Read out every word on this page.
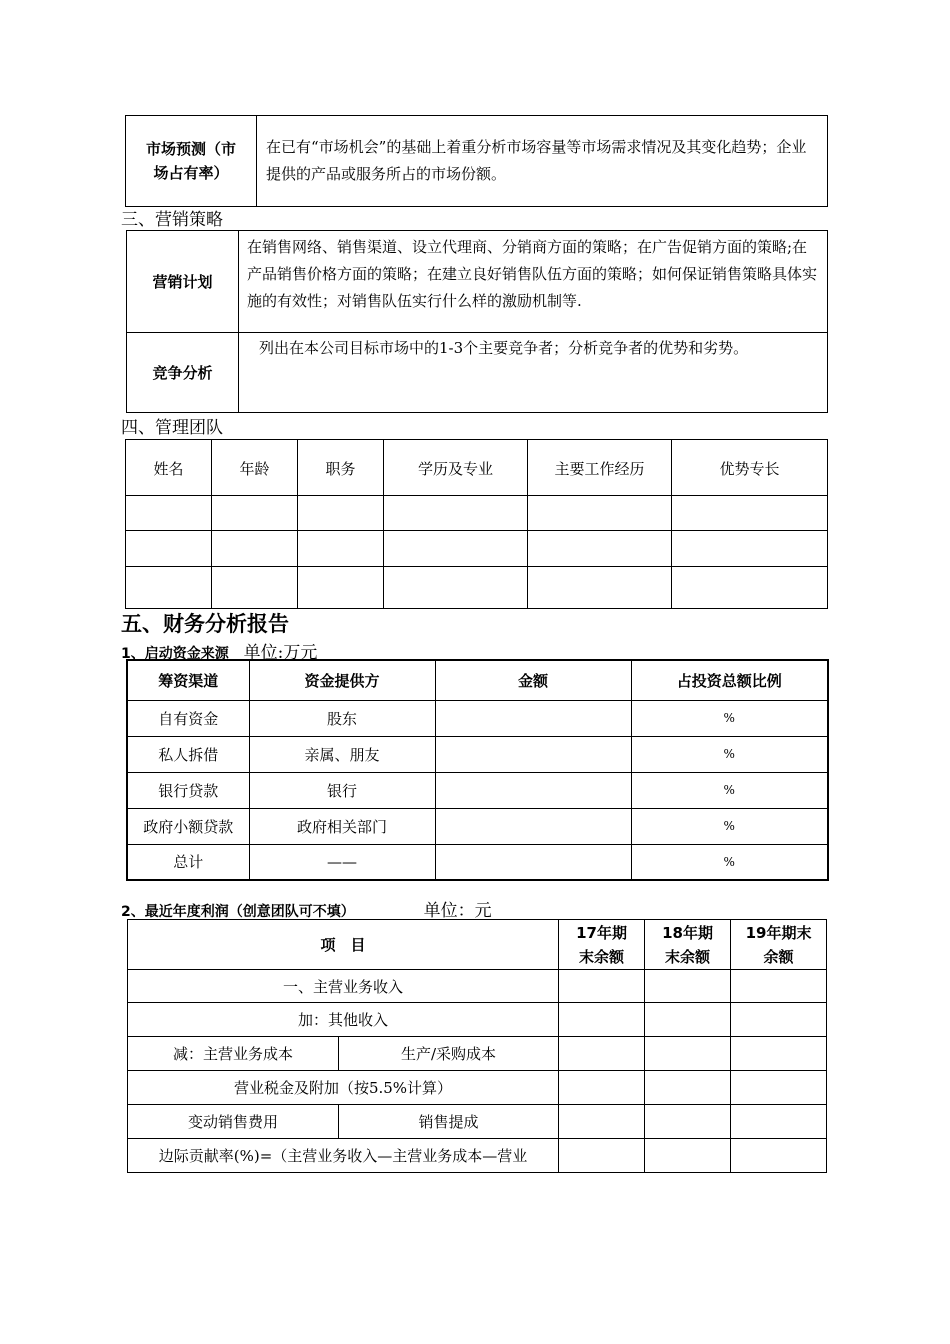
市场预测（市场占有率）	在已有“市场机会”的基础上着重分析市场容量等市场需求情况及其变化趋势；企业提供的产品或服务所占的市场份额。
三、营销策略
营销计划	在销售网络、销售渠道、设立代理商、分销商方面的策略；在广告促销方面的策略;在产品销售价格方面的策略；在建立良好销售队伍方面的策略；如何保证销售策略具体实施的有效性；对销售队伍实行什么样的激励机制等.
竞争分析	列出在本公司目标市场中的1-3个主要竞争者；分析竞争者的优势和劣势。
四、管理团队
姓名	年龄	职务	学历及专业	主要工作经历	优势专长

五、财务分析报告
1、启动资金来源 单位:万元
筹资渠道	资金提供方	金额	占投资总额比例
自有资金	股东		%
私人拆借	亲属、朋友		%
银行贷款	银行		%
政府小额贷款	政府相关部门		%
总计	——		%
2、最近年度利润（创意团队可不填）	单位：元
项　目		17年期末余额	18年期末余额	19年期末余额
一、主营业务收入				
加：其他收入				
减：主营业务成本	生产/采购成本			
营业税金及附加（按5.5%计算）				
变动销售费用	销售提成			
边际贡献率(%)=（主营业务收入—主营业务成本—营业				
